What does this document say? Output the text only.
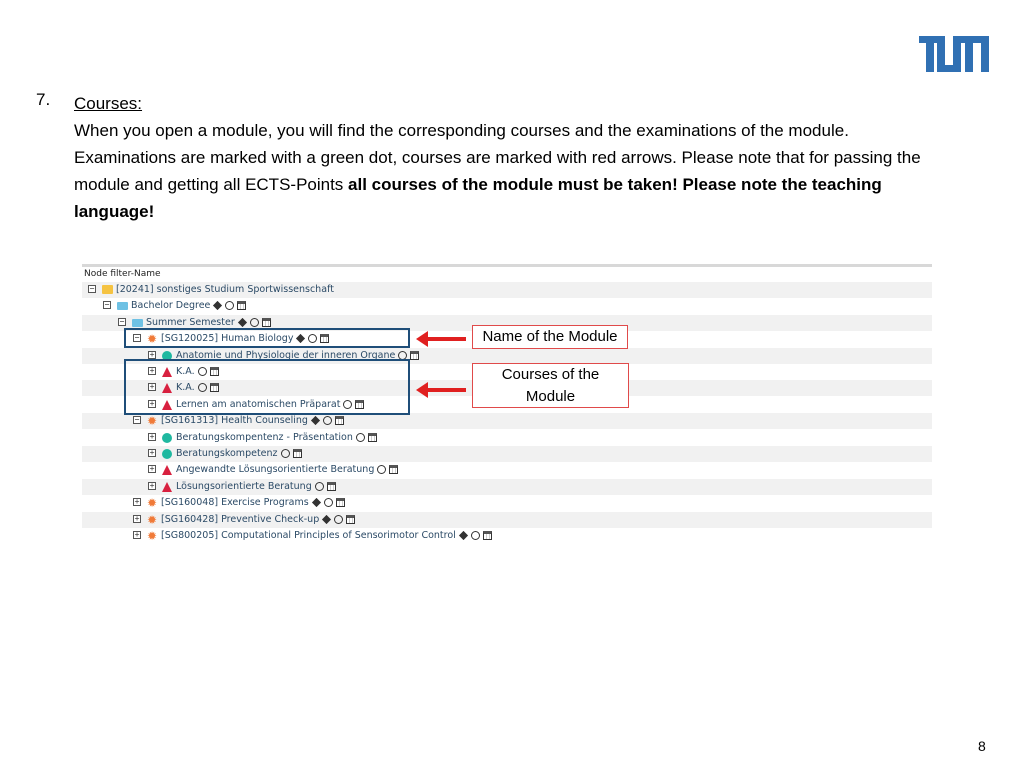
7. Courses:
When you open a module, you will find the corresponding courses and the examinations of the module. Examinations are marked with a green dot, courses are marked with red arrows. Please note that for passing the module and getting all ECTS-Points all courses of the module must be taken! Please note the teaching language!
Node filter-Name
− [20241] sonstiges Studium Sportwissenschaft
− Bachelor Degree
− Summer Semester
− ✹ [SG120025] Human Biology
+ Anatomie und Physiologie der inneren Organe
+ K.A.
+ K.A.
+ Lernen am anatomischen Präparat
− ✹ [SG161313] Health Counseling
+ Beratungskompentenz - Präsentation
+ Beratungskompetenz
+ Angewandte Lösungsorientierte Beratung
+ Lösungsorientierte Beratung
+ ✹ [SG160048] Exercise Programs
+ ✹ [SG160428] Preventive Check-up
+ ✹ [SG800205] Computational Principles of Sensorimotor Control
Name of the Module
Courses of the
Module
8
